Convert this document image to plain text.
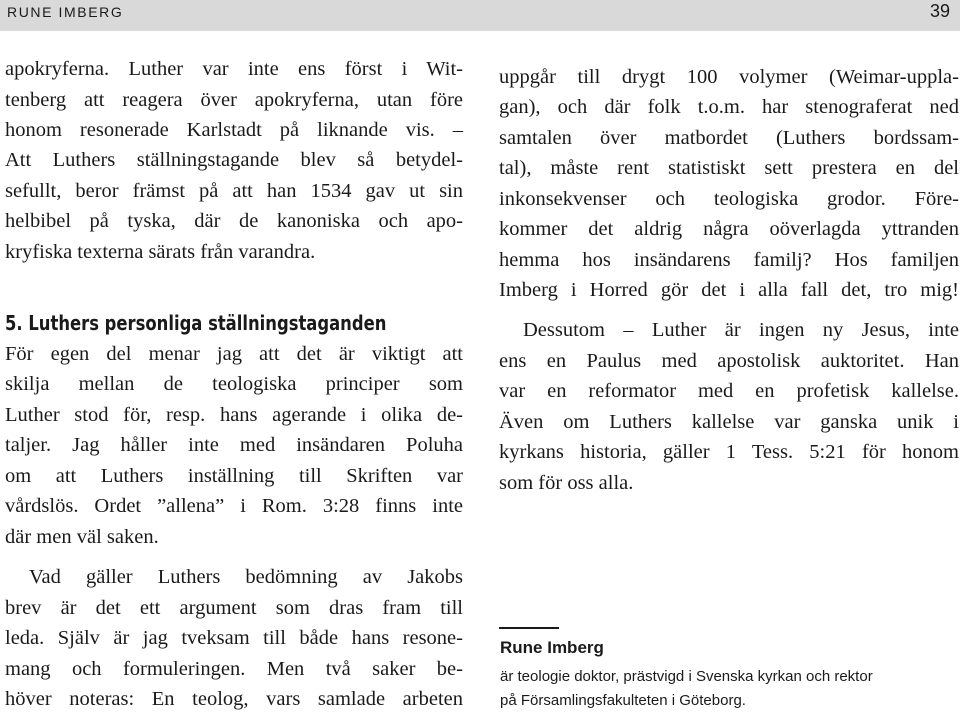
RUNE IMBERG	39
apokryferna. Luther var inte ens först i Wit-
tenberg att reagera över apokryferna, utan före
honom resonerade Karlstadt på liknande vis. –
Att Luthers ställningstagande blev så betydel-
sefullt, beror främst på att han 1534 gav ut sin
helbibel på tyska, där de kanoniska och apo-
kryfiska texterna särats från varandra.
5. Luthers personliga ställningstaganden
För egen del menar jag att det är viktigt att
skilja mellan de teologiska principer som
Luther stod för, resp. hans agerande i olika de-
taljer. Jag håller inte med insändaren Poluha
om att Luthers inställning till Skriften var
vårdslös. Ordet ”allena” i Rom. 3:28 finns inte
där men väl saken.
Vad gäller Luthers bedömning av Jakobs
brev är det ett argument som dras fram till
leda. Själv är jag tveksam till både hans resone-
mang och formuleringen. Men två saker be-
höver noteras: En teolog, vars samlade arbeten
uppgår till drygt 100 volymer (Weimar-uppla-
gan), och där folk t.o.m. har stenograferat ned
samtalen över matbordet (Luthers bordssam-
tal), måste rent statistiskt sett prestera en del
inkonsekvenser och teologiska grodor. Före-
kommer det aldrig några oöverlagda yttranden
hemma hos insändarens familj? Hos familjen
Imberg i Horred gör det i alla fall det, tro mig!
Dessutom – Luther är ingen ny Jesus, inte
ens en Paulus med apostolisk auktoritet. Han
var en reformator med en profetisk kallelse.
Även om Luthers kallelse var ganska unik i
kyrkans historia, gäller 1 Tess. 5:21 för honom
som för oss alla.
Rune Imberg
är teologie doktor, prästvigd i Svenska kyrkan och rektor
på Församlingsfakulteten i Göteborg.
